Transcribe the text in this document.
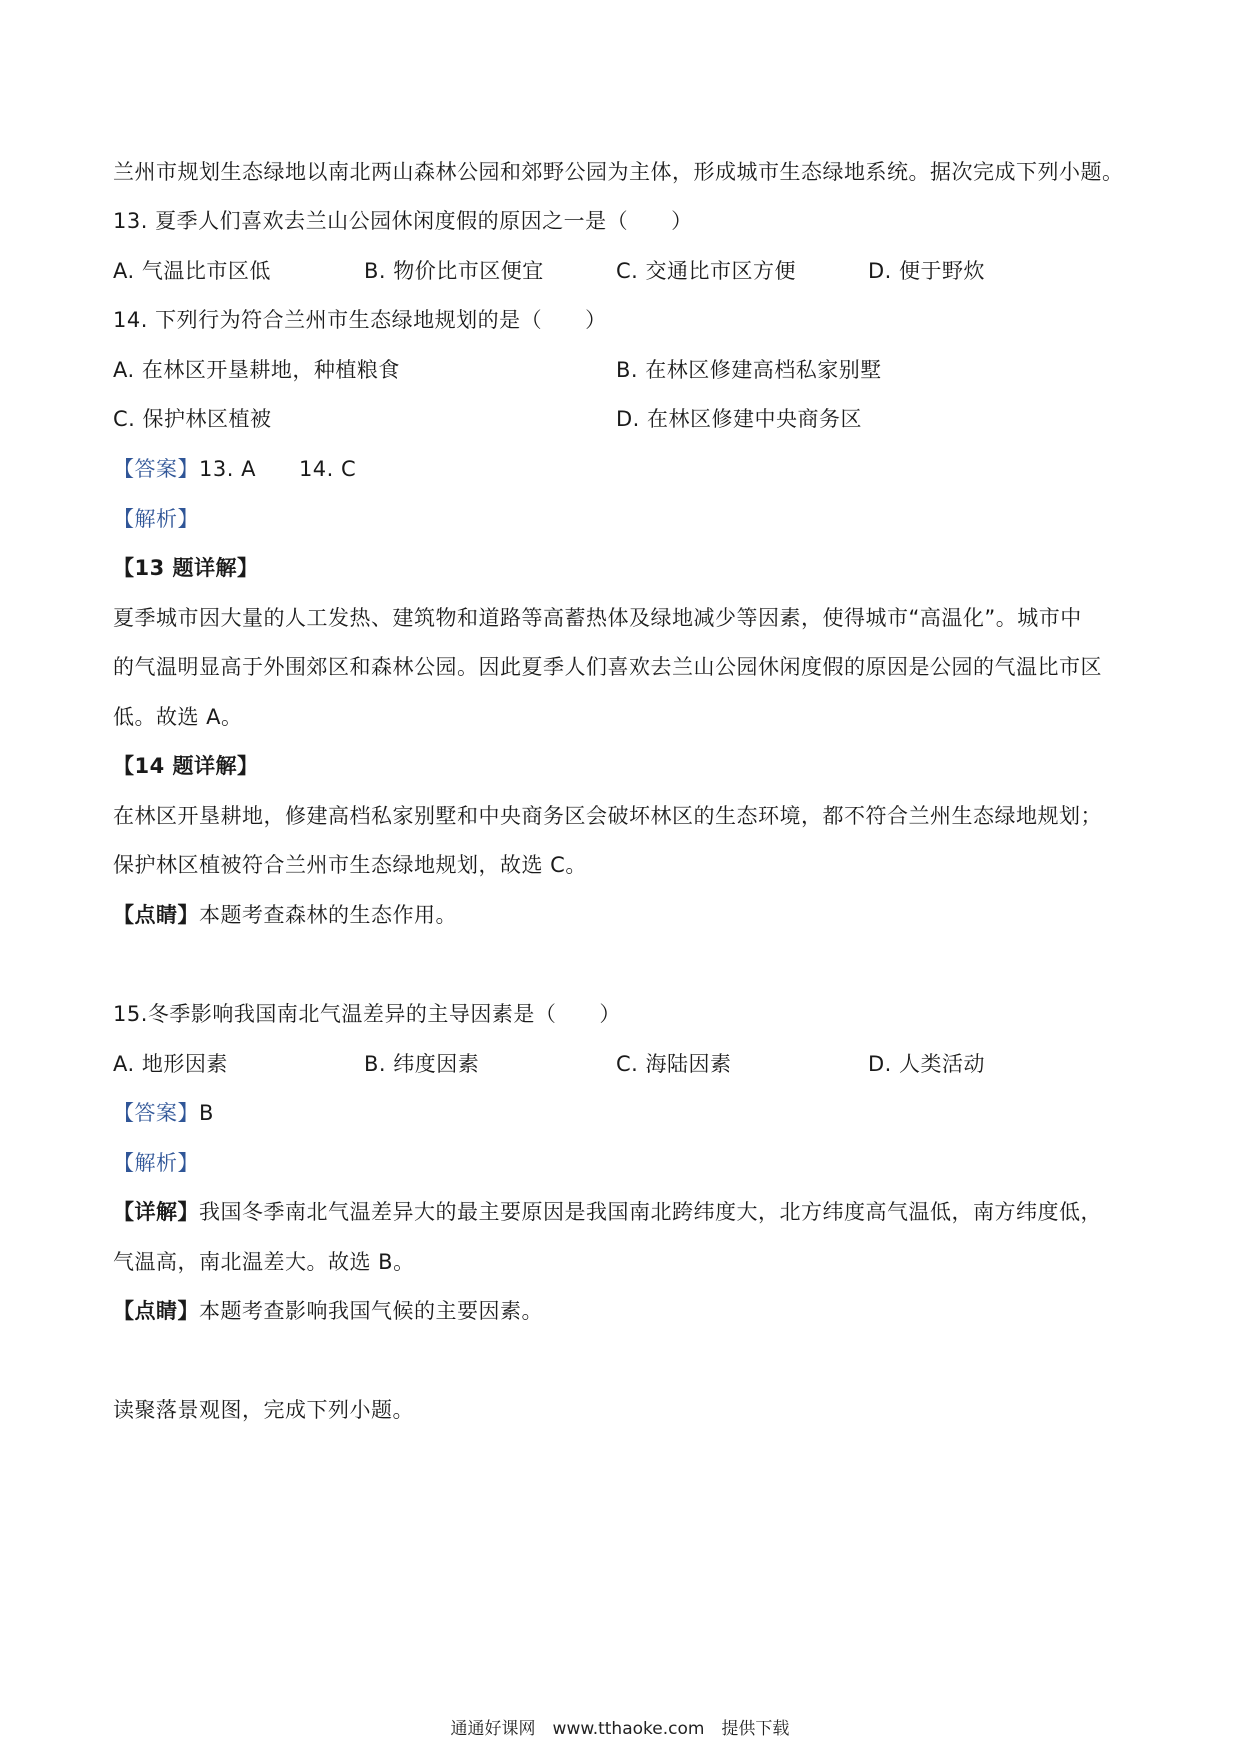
兰州市规划生态绿地以南北两山森林公园和郊野公园为主体，形成城市生态绿地系统。据次完成下列小题。
13. 夏季人们喜欢去兰山公园休闲度假的原因之一是（　　）
A. 气温比市区低	B. 物价比市区便宜	C. 交通比市区方便	D. 便于野炊
14. 下列行为符合兰州市生态绿地规划的是（　　）
A. 在林区开垦耕地，种植粮食	B. 在林区修建高档私家别墅
C. 保护林区植被	D. 在林区修建中央商务区
【答案】13. A　　14. C
【解析】
【13 题详解】
夏季城市因大量的人工发热、建筑物和道路等高蓄热体及绿地减少等因素，使得城市“高温化”。城市中
的气温明显高于外围郊区和森林公园。因此夏季人们喜欢去兰山公园休闲度假的原因是公园的气温比市区
低。故选 A。
【14 题详解】
在林区开垦耕地，修建高档私家别墅和中央商务区会破坏林区的生态环境，都不符合兰州生态绿地规划；
保护林区植被符合兰州市生态绿地规划，故选 C。
【点睛】本题考查森林的生态作用。
15.冬季影响我国南北气温差异的主导因素是（　　）
A. 地形因素	B. 纬度因素	C. 海陆因素	D. 人类活动
【答案】B
【解析】
【详解】我国冬季南北气温差异大的最主要原因是我国南北跨纬度大，北方纬度高气温低，南方纬度低，
气温高，南北温差大。故选 B。
【点睛】本题考查影响我国气候的主要因素。
读聚落景观图，完成下列小题。
通通好课网　www.tthaoke.com　提供下载
